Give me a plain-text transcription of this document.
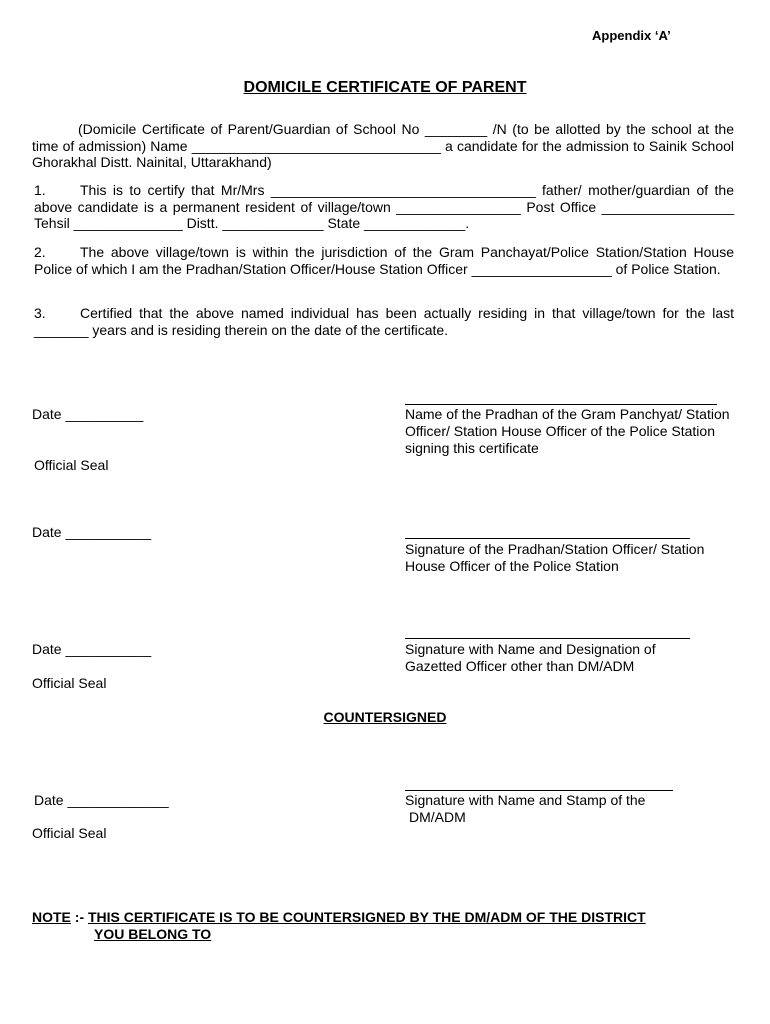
Appendix ‘A’
DOMICILE CERTIFICATE OF PARENT
(Domicile Certificate of Parent/Guardian of School No ________ /N (to be allotted by the school at the time of admission) Name ________________________________ a candidate for the admission to Sainik School Ghorakhal Distt. Nainital, Uttarakhand)
1. This is to certify that Mr/Mrs __________________________________ father/ mother/guardian of the above candidate is a permanent resident of village/town ________________ Post Office _________________ Tehsil ______________ Distt. _____________ State _____________.
2. The above village/town is within the jurisdiction of the Gram Panchayat/Police Station/Station House Police of which I am the Pradhan/Station Officer/House Station Officer __________________ of Police Station.
3. Certified that the above named individual has been actually residing in that village/town for the last _______ years and is residing therein on the date of the certificate.
Date __________
Official Seal
Name of the Pradhan of the Gram Panchyat/ Station Officer/ Station House Officer of the Police Station signing this certificate
Date ___________
Signature of the Pradhan/Station Officer/ Station House Officer of the Police Station
Date ___________
Official Seal
Signature with Name and Designation of Gazetted Officer other than DM/ADM
COUNTERSIGNED
Date _____________
Official Seal
Signature with Name and Stamp of the
DM/ADM
NOTE :- THIS CERTIFICATE IS TO BE COUNTERSIGNED BY THE DM/ADM OF THE DISTRICT
YOU BELONG TO
